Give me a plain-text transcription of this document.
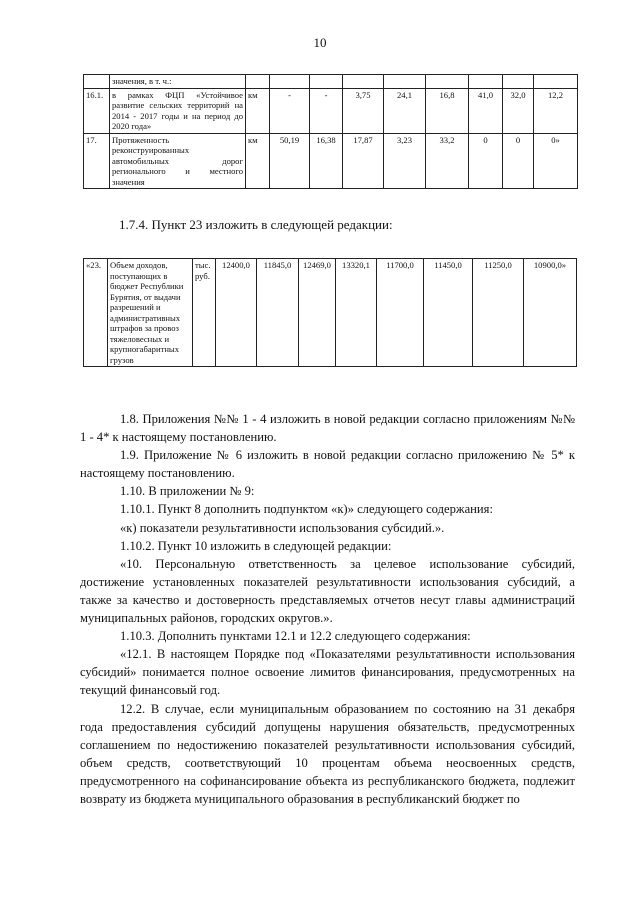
10
	значения, в т. ч.:									
16.1.	в рамках ФЦП «Устойчивое развитие сельских территорий на 2014 - 2017 годы и на период до 2020 года»	км	-	-	3,75	24,1	16,8	41,0	32,0	12,2
17.	Протяженность реконструированных автомобильных дорог регионального и местного значения	км	50,19	16,38	17,87	3,23	33,2	0	0	0»
1.7.4. Пункт 23 изложить в следующей редакции:
«23.	Объем доходов, поступающих в бюджет Республики Бурятия, от выдачи разрешений и административных штрафов за провоз тяжеловесных и крупногабаритных грузов	тыс. руб.	12400,0	11845,0	12469,0	13320,1	11700,0	11450,0	11250,0	10900,0»

1.8. Приложения №№ 1 - 4 изложить в новой редакции согласно приложениям №№ 1 - 4* к настоящему постановлению.

1.9. Приложение № 6 изложить в новой редакции согласно приложению № 5* к настоящему постановлению.

1.10. В приложении № 9:

1.10.1. Пункт 8 дополнить подпунктом «к)» следующего содержания:

«к) показатели результативности использования субсидий.».

1.10.2. Пункт 10 изложить в следующей редакции:

«10. Персональную ответственность за целевое использование субсидий, достижение установленных показателей результативности использования субсидий, а также за качество и достоверность представляемых отчетов несут главы администраций муниципальных районов, городских округов.».

1.10.3. Дополнить пунктами 12.1 и 12.2 следующего содержания:

«12.1. В настоящем Порядке под «Показателями результативности использования субсидий» понимается полное освоение лимитов финансирования, предусмотренных на текущий финансовый год.

12.2. В случае, если муниципальным образованием по состоянию на 31 декабря года предоставления субсидий допущены нарушения обязательств, предусмотренных соглашением по недостижению показателей результативности использования субсидий, объем средств, соответствующий 10 процентам объема неосвоенных средств, предусмотренного на софинансирование объекта из республиканского бюджета, подлежит возврату из бюджета муниципального образования в республиканский бюджет по
